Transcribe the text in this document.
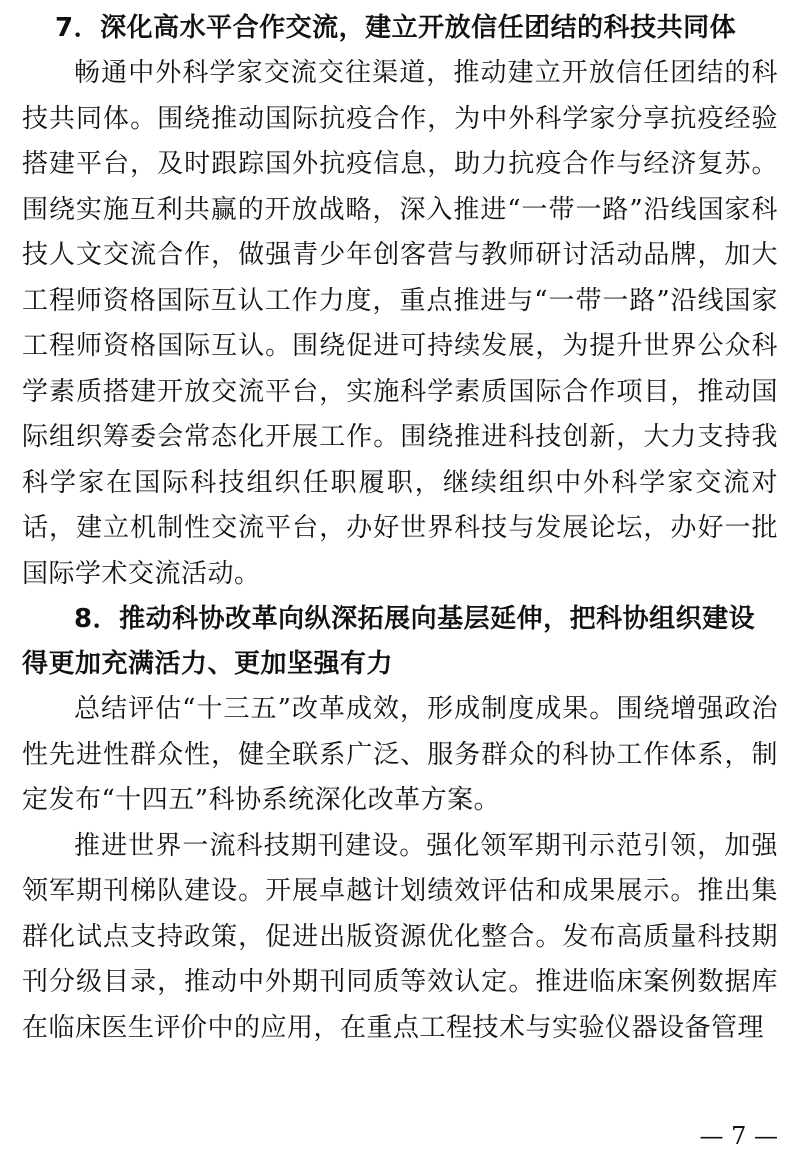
7．深化高水平合作交流，建立开放信任团结的科技共同体

畅通中外科学家交流交往渠道，推动建立开放信任团结的科技共同体。围绕推动国际抗疫合作，为中外科学家分享抗疫经验搭建平台，及时跟踪国外抗疫信息，助力抗疫合作与经济复苏。围绕实施互利共赢的开放战略，深入推进“一带一路”沿线国家科技人文交流合作，做强青少年创客营与教师研讨活动品牌，加大工程师资格国际互认工作力度，重点推进与“一带一路”沿线国家工程师资格国际互认。围绕促进可持续发展，为提升世界公众科学素质搭建开放交流平台，实施科学素质国际合作项目，推动国际组织筹委会常态化开展工作。围绕推进科技创新，大力支持我科学家在国际科技组织任职履职，继续组织中外科学家交流对话，建立机制性交流平台，办好世界科技与发展论坛，办好一批国际学术交流活动。

8．推动科协改革向纵深拓展向基层延伸，把科协组织建设得更加充满活力、更加坚强有力

总结评估“十三五”改革成效，形成制度成果。围绕增强政治性先进性群众性，健全联系广泛、服务群众的科协工作体系，制定发布“十四五”科协系统深化改革方案。

推进世界一流科技期刊建设。强化领军期刊示范引领，加强领军期刊梯队建设。开展卓越计划绩效评估和成果展示。推出集群化试点支持政策，促进出版资源优化整合。发布高质量科技期刊分级目录，推动中外期刊同质等效认定。推进临床案例数据库在临床医生评价中的应用，在重点工程技术与实验仪器设备管理

— 7 —
